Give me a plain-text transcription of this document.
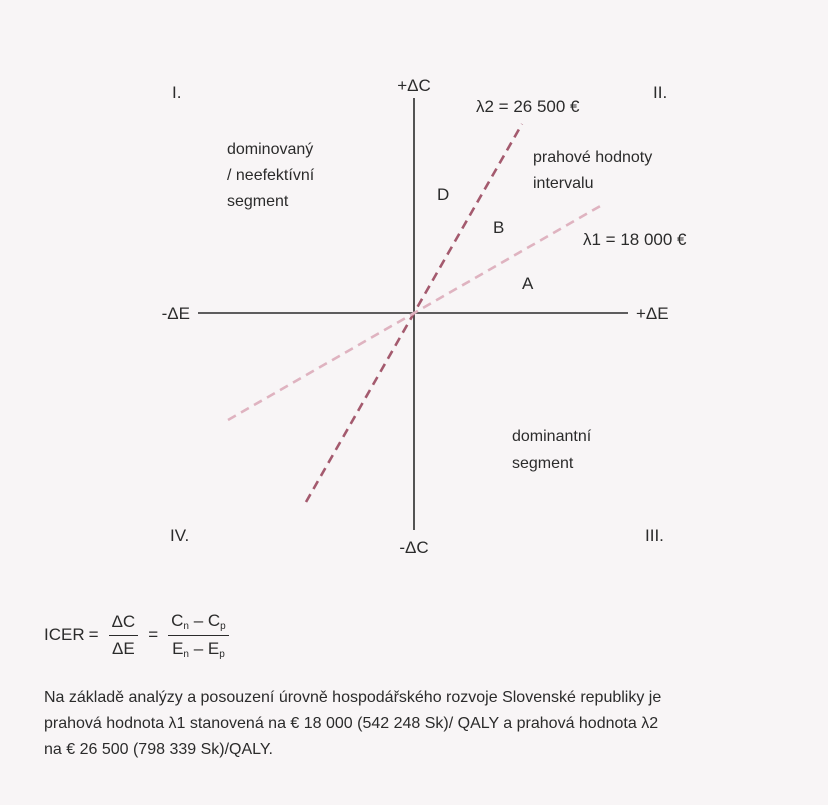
+ΔC
-ΔC
+ΔE
-ΔE
I.	II.
III.
IV.
λ2 = 26 500 €
λ1 = 18 000 €
dominovaný
/ neefektívní
segment
prahové hodnoty
intervalu
dominantní
segment
D
B
A
ICER = $\frac{\Delta C}{\Delta E} = \frac{C_n - C_p}{E_n - E_p}$
Na základě analýzy a posouzení úrovně hospodářského rozvoje Slovenské republiky je
prahová hodnota λ1 stanovená na € 18 000 (542 248 Sk)/ QALY a prahová hodnota λ2
na € 26 500 (798 339 Sk)/QALY.
